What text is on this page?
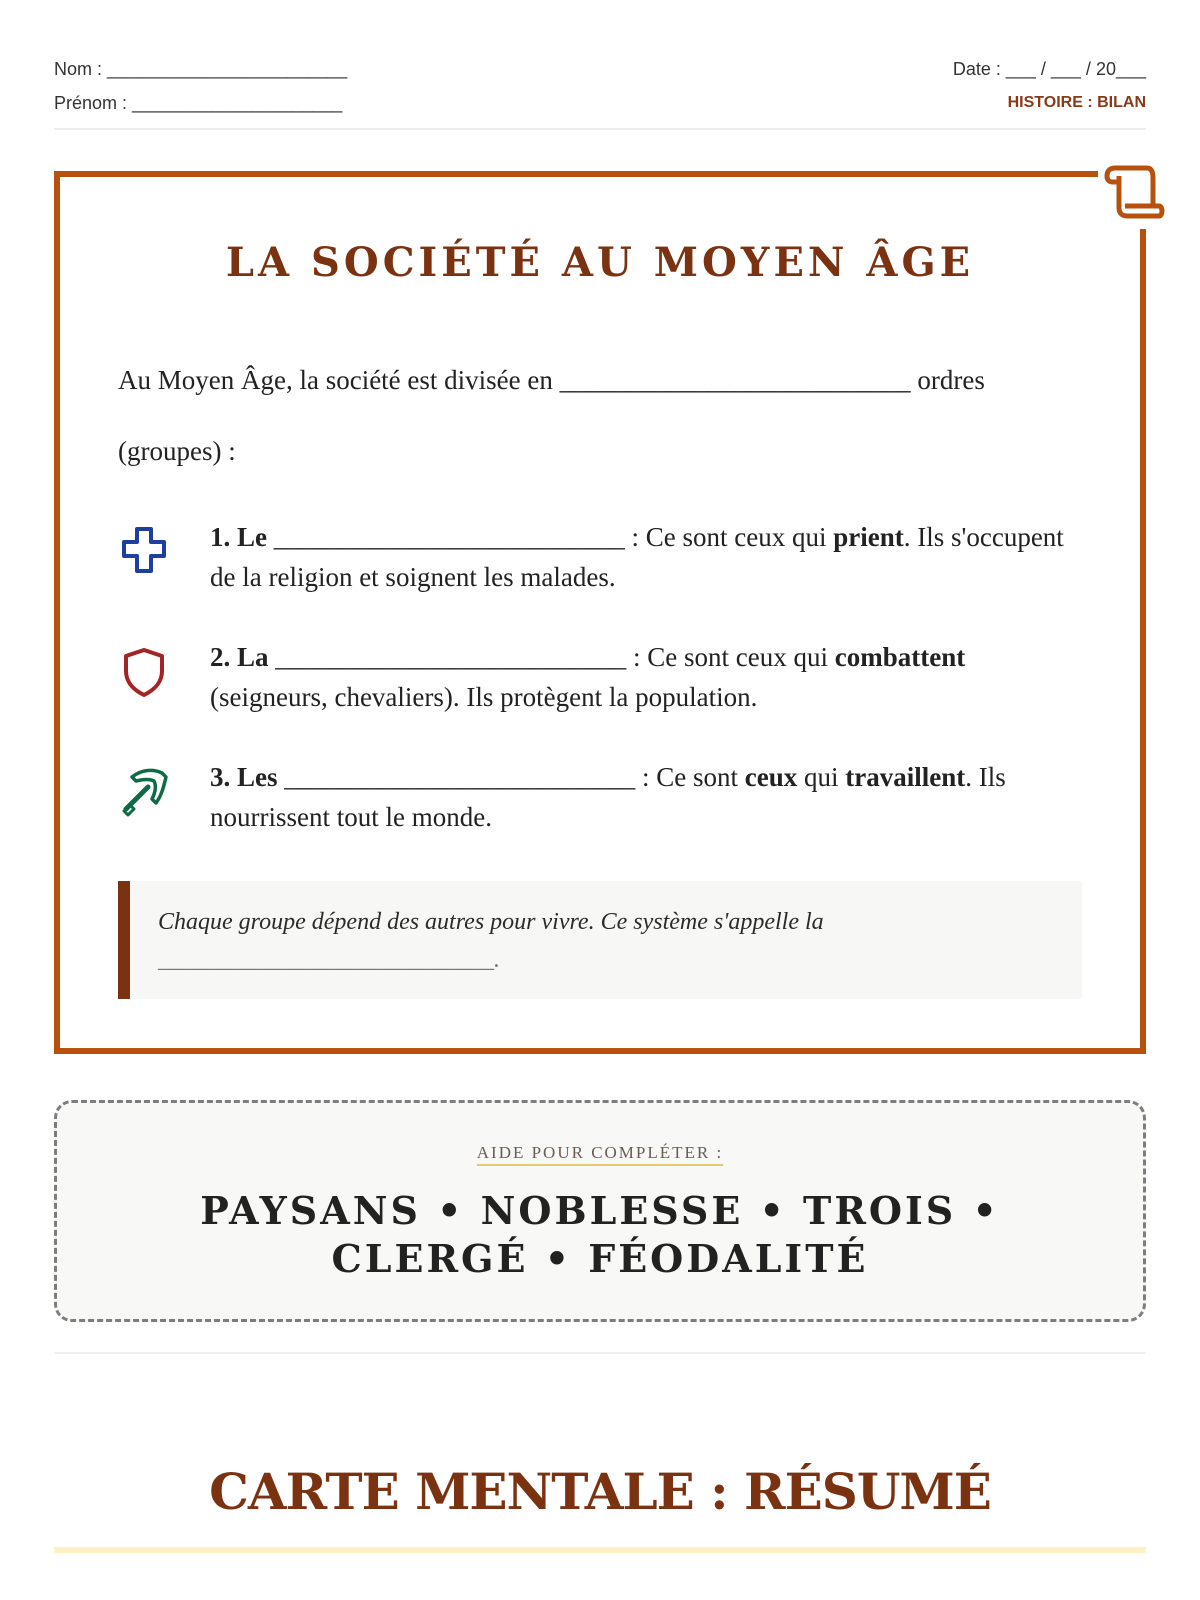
Nom : ________________________
Prénom : _____________________
Date : ___ / ___ / 20___
HISTOIRE : BILAN
LA SOCIÉTÉ AU MOYEN ÂGE
Au Moyen Âge, la société est divisée en __________________________ ordres (groupes) :
1. Le __________________________ : Ce sont ceux qui prient. Ils s'occupent de la religion et soignent les malades.
2. La __________________________ : Ce sont ceux qui combattent (seigneurs, chevaliers). Ils protègent la population.
3. Les __________________________ : Ce sont ceux qui travaillent. Ils nourrissent tout le monde.
Chaque groupe dépend des autres pour vivre. Ce système s'appelle la
____________________________.
AIDE POUR COMPLÉTER :
PAYSANS • NOBLESSE • TROIS • CLERGÉ • FÉODALITÉ
CARTE MENTALE : RÉSUMÉ
